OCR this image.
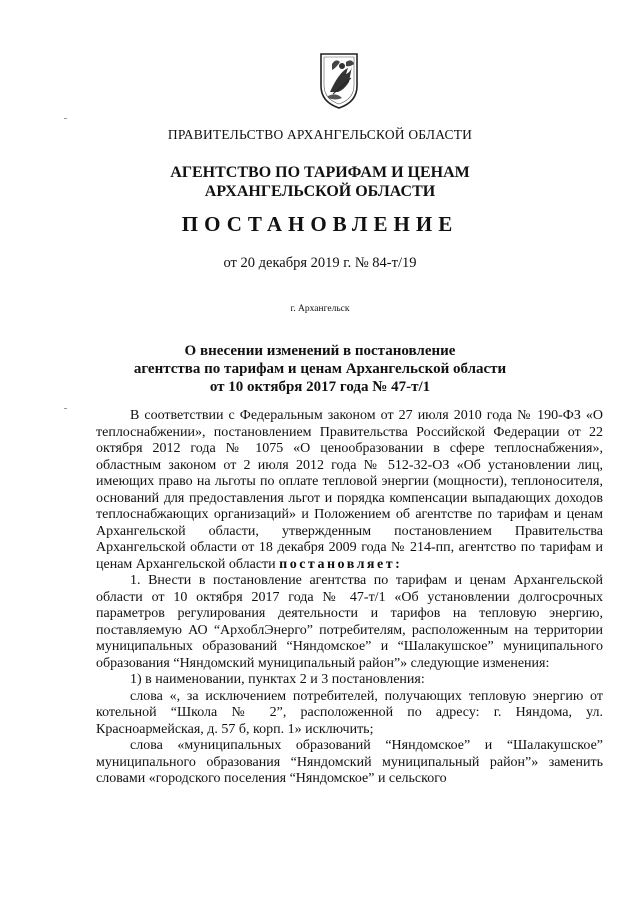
ПРАВИТЕЛЬСТВО АРХАНГЕЛЬСКОЙ ОБЛАСТИ
АГЕНТСТВО ПО ТАРИФАМ И ЦЕНАМ
АРХАНГЕЛЬСКОЙ ОБЛАСТИ
ПОСТАНОВЛЕНИЕ
от 20 декабря 2019 г. № 84-т/19
г. Архангельск
О внесении изменений в постановление
агентства по тарифам и ценам Архангельской области
от 10 октября 2017 года № 47-т/1

В соответствии с Федеральным законом от 27 июля 2010 года № 190-ФЗ «О теплоснабжении», постановлением Правительства Российской Федерации от 22 октября 2012 года № 1075 «О ценообразовании в сфере теплоснабжения», областным законом от 2 июля 2012 года № 512-32-ОЗ «Об установлении лиц, имеющих право на льготы по оплате тепловой энергии (мощности), теплоносителя, оснований для предоставления льгот и порядка компенсации выпадающих доходов теплоснабжающих организаций» и Положением об агентстве по тарифам и ценам Архангельской области, утвержденным постановлением Правительства Архангельской области от 18 декабря 2009 года № 214-пп, агентство по тарифам и ценам Архангельской области постановляет:

1. Внести в постановление агентства по тарифам и ценам Архангельской области от 10 октября 2017 года № 47-т/1 «Об установлении долгосрочных параметров регулирования деятельности и тарифов на тепловую энергию, поставляемую АО “АрхоблЭнерго” потребителям, расположенным на территории муниципальных образований “Няндомское” и “Шалакушское” муниципального образования “Няндомский муниципальный район”» следующие изменения:

1) в наименовании, пунктах 2 и 3 постановления:

слова «, за исключением потребителей, получающих тепловую энергию от котельной “Школа № 2”, расположенной по адресу: г. Няндома, ул. Красноармейская, д. 57 б, корп. 1» исключить;

слова «муниципальных образований “Няндомское” и “Шалакушское” муниципального образования “Няндомский муниципальный район”» заменить словами «городского поселения “Няндомское” и сельского
